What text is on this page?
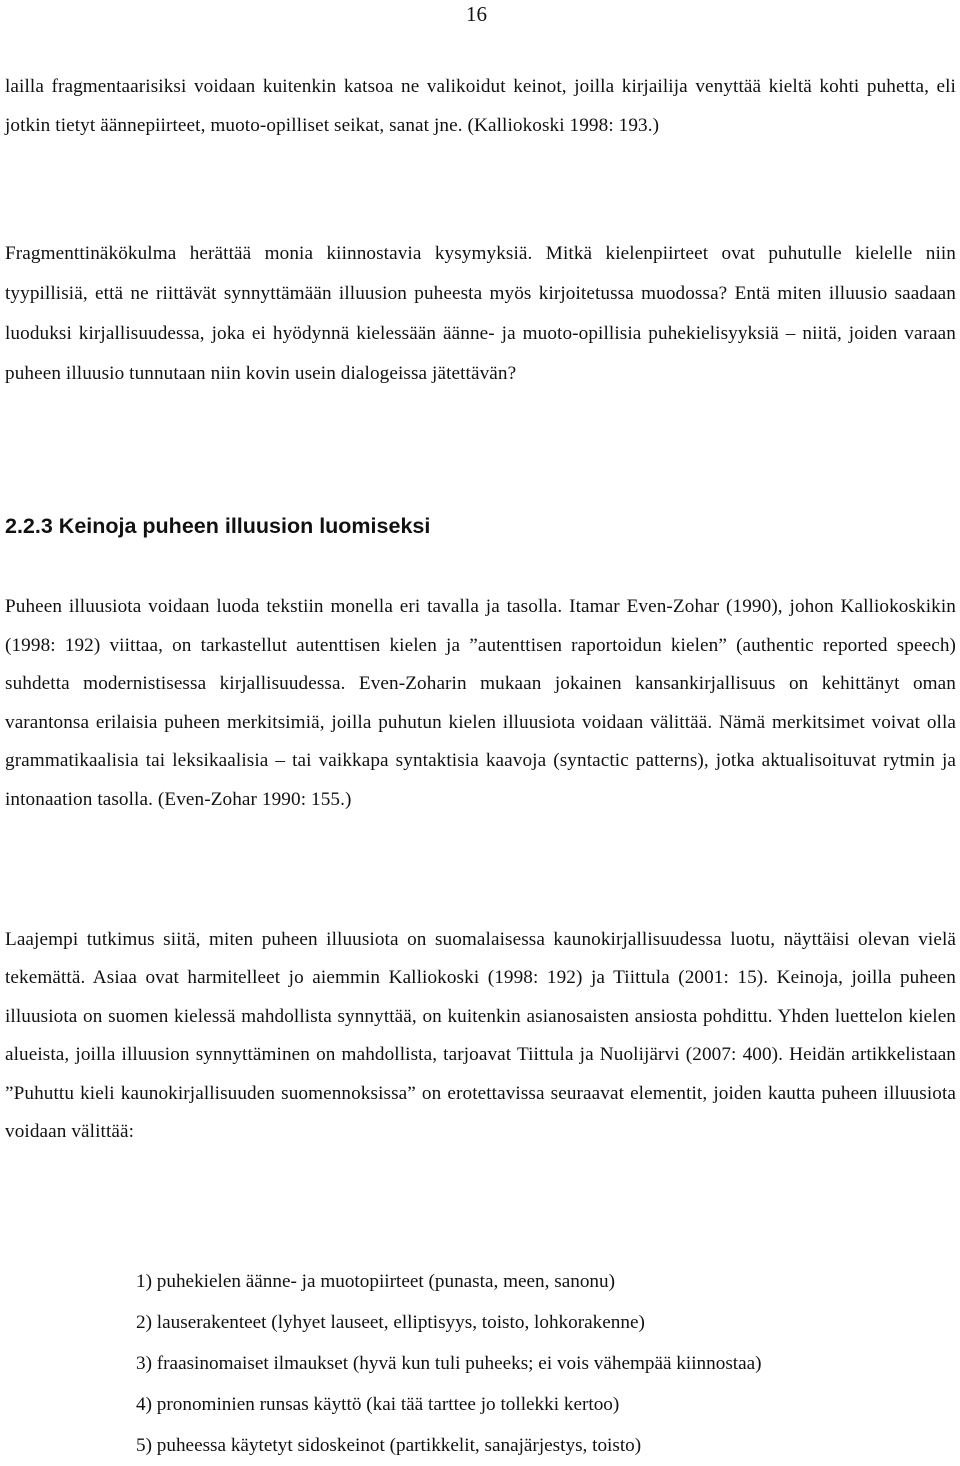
16

lailla fragmentaarisiksi voidaan kuitenkin katsoa ne valikoidut keinot, joilla kirjailija venyttää kieltä kohti puhetta, eli jotkin tietyt äännepiirteet, muoto-opilliset seikat, sanat jne. (Kalliokoski 1998: 193.)

Fragmenttinäkökulma herättää monia kiinnostavia kysymyksiä. Mitkä kielenpiirteet ovat puhutulle kielelle niin tyypillisiä, että ne riittävät synnyttämään illuusion puheesta myös kirjoitetussa muodossa? Entä miten illuusio saadaan luoduksi kirjallisuudessa, joka ei hyödynnä kielessään äänne- ja muoto-opillisia puhekielisyyksiä – niitä, joiden varaan puheen illuusio tunnutaan niin kovin usein dialogeissa jätettävän?

2.2.3 Keinoja puheen illuusion luomiseksi

Puheen illuusiota voidaan luoda tekstiin monella eri tavalla ja tasolla. Itamar Even-Zohar (1990), johon Kalliokoskikin (1998: 192) viittaa, on tarkastellut autenttisen kielen ja ”autenttisen raportoidun kielen” (authentic reported speech) suhdetta modernistisessa kirjallisuudessa. Even-Zoharin mukaan jokainen kansankirjallisuus on kehittänyt oman varantonsa erilaisia puheen merkitsimiä, joilla puhutun kielen illuusiota voidaan välittää. Nämä merkitsimet voivat olla grammatikaalisia tai leksikaalisia – tai vaikkapa syntaktisia kaavoja (syntactic patterns), jotka aktualisoituvat rytmin ja intonaation tasolla. (Even-Zohar 1990: 155.)

Laajempi tutkimus siitä, miten puheen illuusiota on suomalaisessa kaunokirjallisuudessa luotu, näyttäisi olevan vielä tekemättä. Asiaa ovat harmitelleet jo aiemmin Kalliokoski (1998: 192) ja Tiittula (2001: 15). Keinoja, joilla puheen illuusiota on suomen kielessä mahdollista synnyttää, on kuitenkin asianosaisten ansiosta pohdittu. Yhden luettelon kielen alueista, joilla illuusion synnyttäminen on mahdollista, tarjoavat Tiittula ja Nuolijärvi (2007: 400). Heidän artikkelistaan ”Puhuttu kieli kaunokirjallisuuden suomennoksissa” on erotettavissa seuraavat elementit, joiden kautta puheen illuusiota voidaan välittää:

1) puhekielen äänne- ja muotopiirteet (punasta, meen, sanonu)
2) lauserakenteet (lyhyet lauseet, elliptisyys, toisto, lohkorakenne)
3) fraasinomaiset ilmaukset (hyvä kun tuli puheeks; ei vois vähempää kiinnostaa)
4) pronominien runsas käyttö (kai tää tarttee jo tollekki kertoo)
5) puheessa käytetyt sidoskeinot (partikkelit, sanajärjestys, toisto)
